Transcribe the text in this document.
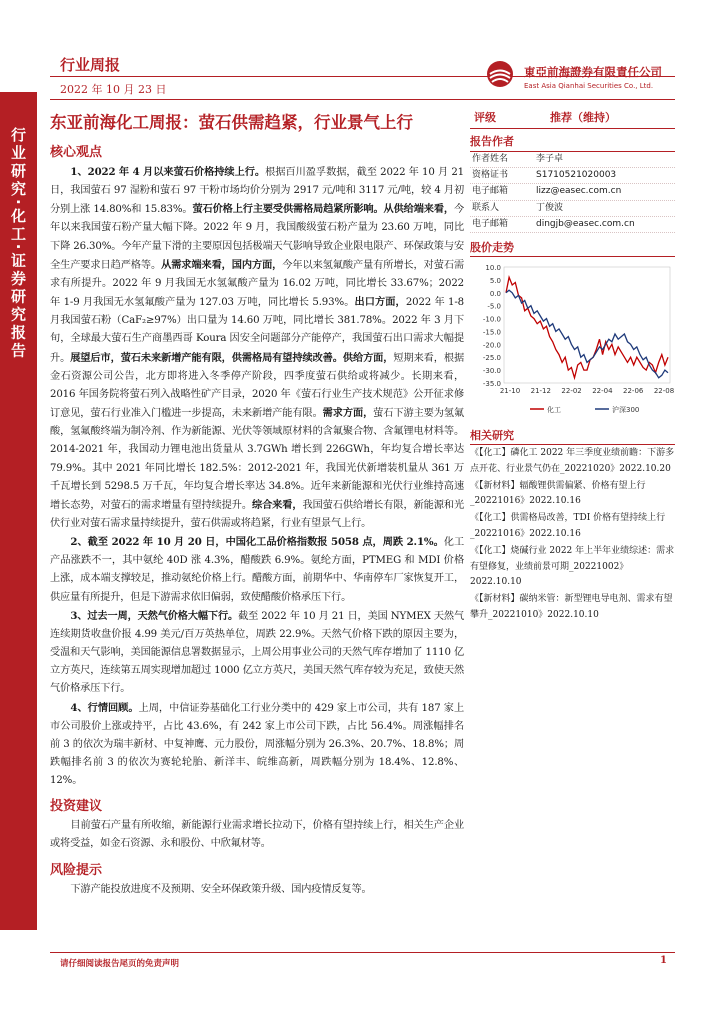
行业研究·化工·证券研究报告
行业周报
2022 年 10 月 23 日
東亞前海證券有限責任公司
East Asia Qianhai Securities Co., Ltd.
东亚前海化工周报：萤石供需趋紧，行业景气上行
核心观点

1、2022 年 4 月以来萤石价格持续上行。根据百川盈孚数据，截至 2022 年 10 月 21 日，我国萤石 97 湿粉和萤石 97 干粉市场均价分别为 2917 元/吨和 3117 元/吨，较 4 月初分别上涨 14.80%和 15.83%。萤石价格上行主要受供需格局趋紧所影响。从供给端来看，今年以来我国萤石粉产量大幅下降。2022 年 9 月，我国酸级萤石粉产量为 23.60 万吨，同比下降 26.30%。今年产量下滑的主要原因包括极端天气影响导致企业限电限产、环保政策与安全生产要求日趋严格等。从需求端来看，国内方面，今年以来氢氟酸产量有所增长，对萤石需求有所提升。2022 年 9 月我国无水氢氟酸产量为 16.02 万吨，同比增长 33.67%；2022 年 1-9 月我国无水氢氟酸产量为 127.03 万吨，同比增长 5.93%。出口方面，2022 年 1-8 月我国萤石粉（CaF₂≥97%）出口量为 14.60 万吨，同比增长 381.78%。2022 年 3 月下旬，全球最大萤石生产商墨西哥 Koura 因安全问题部分产能停产，我国萤石出口需求大幅提升。展望后市，萤石未来新增产能有限，供需格局有望持续改善。供给方面，短期来看，根据金石资源公司公告，北方即将进入冬季停产阶段，四季度萤石供给或将减少。长期来看，2016 年国务院将萤石列入战略性矿产目录，2020 年《萤石行业生产技术规范》公开征求修订意见，萤石行业准入门槛进一步提高，未来新增产能有限。需求方面，萤石下游主要为氢氟酸，氢氟酸终端为制冷剂、作为新能源、光伏等领域原材料的含氟聚合物、含氟锂电材料等。2014-2021 年，我国动力锂电池出货量从 3.7GWh 增长到 226GWh，年均复合增长率达 79.9%。其中 2021 年同比增长 182.5%：2012-2021 年，我国光伏新增装机量从 361 万千瓦增长到 5298.5 万千瓦，年均复合增长率达 34.8%。近年来新能源和光伏行业维持高速增长态势，对萤石的需求增量有望持续提升。综合来看，我国萤石供给增长有限，新能源和光伏行业对萤石需求量持续提升，萤石供需或将趋紧，行业有望景气上行。

2、截至 2022 年 10 月 20 日，中国化工品价格指数报 5058 点，周跌 2.1%。化工产品涨跌不一，其中氨纶 40D 涨 4.3%，醋酸跌 6.9%。氨纶方面，PTMEG 和 MDI 价格上涨，成本端支撑较足，推动氨纶价格上行。醋酸方面，前期华中、华南停车厂家恢复开工，供应量有所提升，但是下游需求依旧偏弱，致使醋酸价格承压下行。

3、过去一周，天然气价格大幅下行。截至 2022 年 10 月 21 日，美国 NYMEX 天然气连续期货收盘价报 4.99 美元/百万英热单位，周跌 22.9%。天然气价格下跌的原因主要为，受温和天气影响，美国能源信息署数据显示，上周公用事业公司的天然气库存增加了 1110 亿立方英尺，连续第五周实现增加超过 1000 亿立方英尺，美国天然气库存较为充足，致使天然气价格承压下行。

4、行情回顾。上周，中信证券基础化工行业分类中的 429 家上市公司，共有 187 家上市公司股价上涨或持平，占比 43.6%，有 242 家上市公司下跌，占比 56.4%。周涨幅排名前 3 的依次为瑞丰新材、中复神鹰、元力股份，周涨幅分别为 26.3%、20.7%、18.8%；周跌幅排名前 3 的依次为赛轮轮胎、新洋丰、皖维高新，周跌幅分别为 18.4%、12.8%、12%。

投资建议

目前萤石产量有所收缩，新能源行业需求增长拉动下，价格有望持续上行，相关生产企业或将受益，如金石资源、永和股份、中欣氟材等。

风险提示

下游产能投放进度不及预期、安全环保政策升级、国内疫情反复等。

评级	推荐（维持）
报告作者
作者姓名	李子卓
资格证书	S1710521020003
电子邮箱	lizz@easec.com.cn
联系人	丁俊波
电子邮箱	dingjb@easec.com.cn
股价走势
10.0
5.0
0.0
-5.0
-10.0
-15.0
-20.0
-25.0
-30.0
-35.0
21-10 21-12 22-02 22-04 22-06 22-08
化工	沪深300
相关研究
《【化工】磷化工 2022 年三季度业绩前瞻：下游多点开花、行业景气仍在_20221020》2022.10.20
《【新材料】辐酸锂供需偏紧、价格有望上行_20221016》2022.10.16
《【化工】供需格局改善，TDI 价格有望持续上行_20221016》2022.10.16
《【化工】烧碱行业 2022 年上半年业绩综述：需求有望修复，业绩前景可期_20221002》2022.10.10
《【新材料】碳纳米管：新型锂电导电剂、需求有望攀升_20221010》2022.10.10
请仔细阅读报告尾页的免责声明	1
